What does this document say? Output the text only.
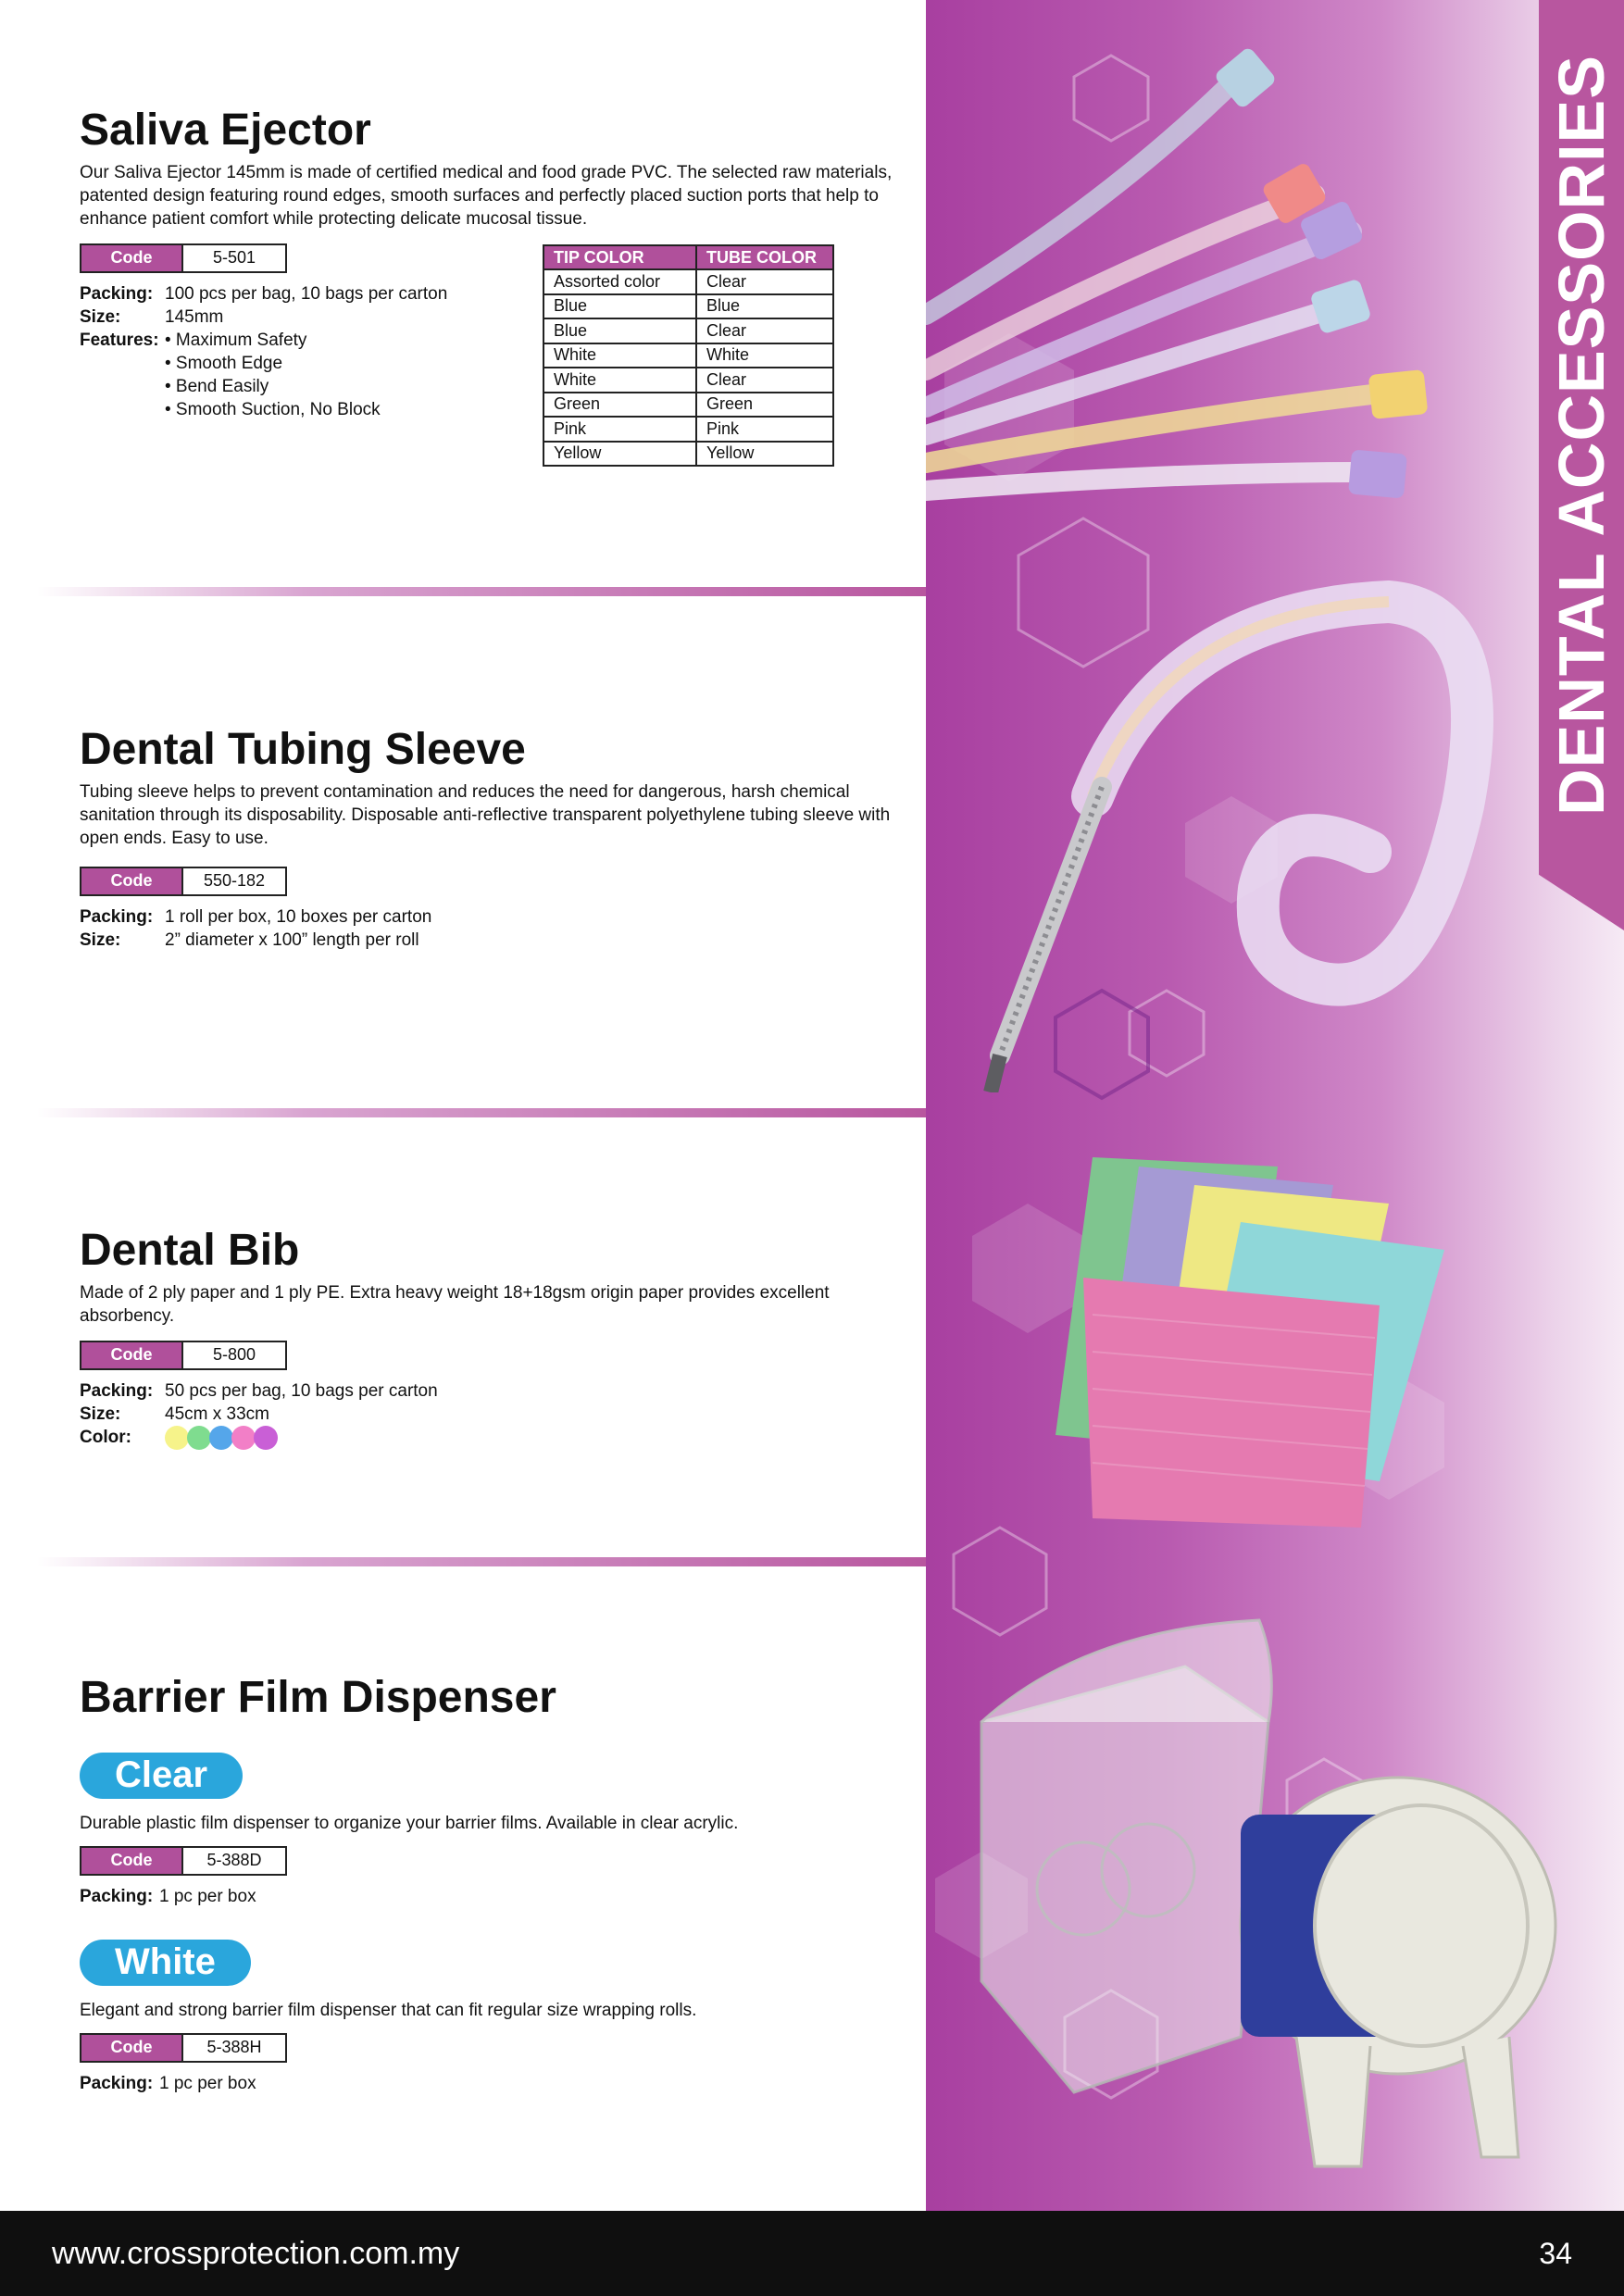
DENTAL ACCESSORIES
Saliva Ejector

Our Saliva Ejector 145mm is made of certified medical and food grade PVC. The selected raw materials, patented design featuring round edges, smooth surfaces and perfectly placed suction ports that help to enhance patient comfort while protecting delicate mucosal tissue.

Code	5-501
Packing: 100 pcs per bag, 10 bags per carton
Size:	145mm
Features: • Maximum Safety
• Smooth Edge
• Bend Easily
• Smooth Suction, No Block
TIP COLOR	TUBE COLOR
Assorted color	Clear
Blue	Blue
Blue	Clear
White	White
White	Clear
Green	Green
Pink	Pink
Yellow	Yellow
Dental Tubing Sleeve

Tubing sleeve helps to prevent contamination and reduces the need for dangerous, harsh chemical sanitation through its disposability. Disposable anti-reflective transparent polyethylene tubing sleeve with open ends. Easy to use.

Code	550-182
Packing: 1 roll per box, 10 boxes per carton
Size:	2” diameter x 100” length per roll
Dental Bib

Made of 2 ply paper and 1 ply PE. Extra heavy weight 18+18gsm origin paper provides excellent absorbency.

Code	5-800
Packing: 50 pcs per bag, 10 bags per carton
Size:	45cm x 33cm
Color:
Barrier Film Dispenser
Clear

Durable plastic film dispenser to organize your barrier films. Available in clear acrylic.

Code	5-388D
Packing: 1 pc per box
White

Elegant and strong barrier film dispenser that can fit regular size wrapping rolls.

Code	5-388H
Packing: 1 pc per box
www.crossprotection.com.my	34
